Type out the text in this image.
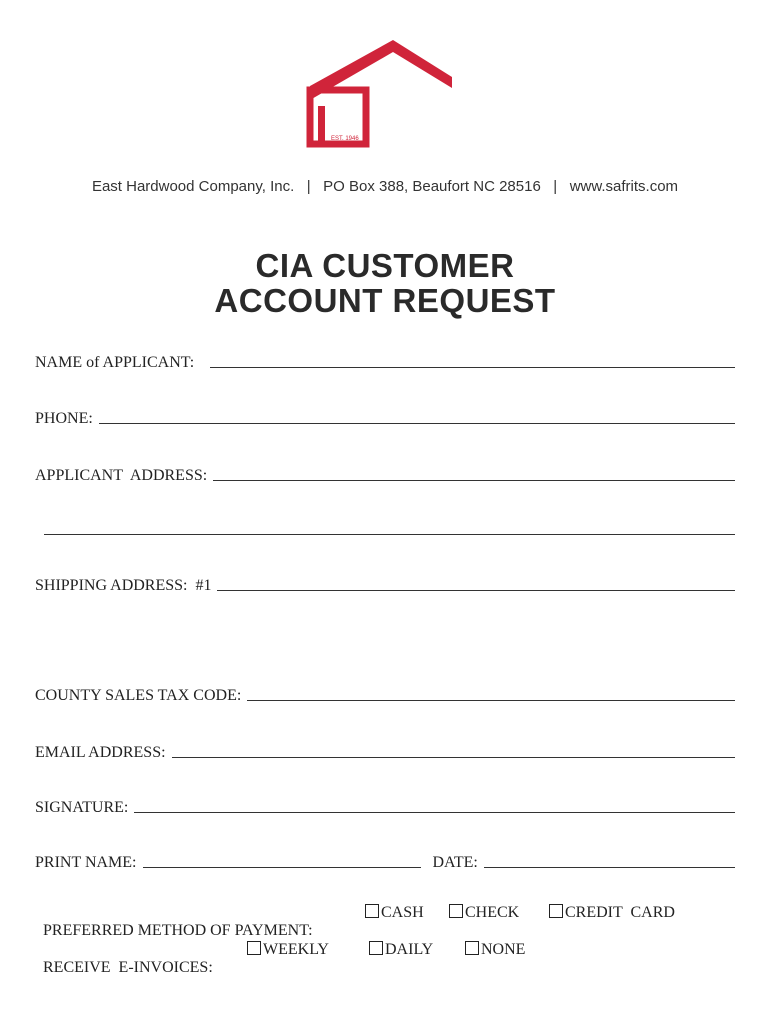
EST. 1946
East Hardwood Company, Inc.   |   PO Box 388, Beaufort NC 28516   |   www.safrits.com
CIA CUSTOMER
ACCOUNT REQUEST
NAME of APPLICANT:
PHONE:
APPLICANT  ADDRESS:
SHIPPING ADDRESS:  #1
COUNTY SALES TAX CODE:
EMAIL ADDRESS:
SIGNATURE:
PRINT NAME:	DATE:

PREFERRED METHOD OF PAYMENT:

CASH

	CHECK

	CREDIT  CARD

RECEIVE  E-INVOICES:

WEEKLY

	DAILY

	NONE
